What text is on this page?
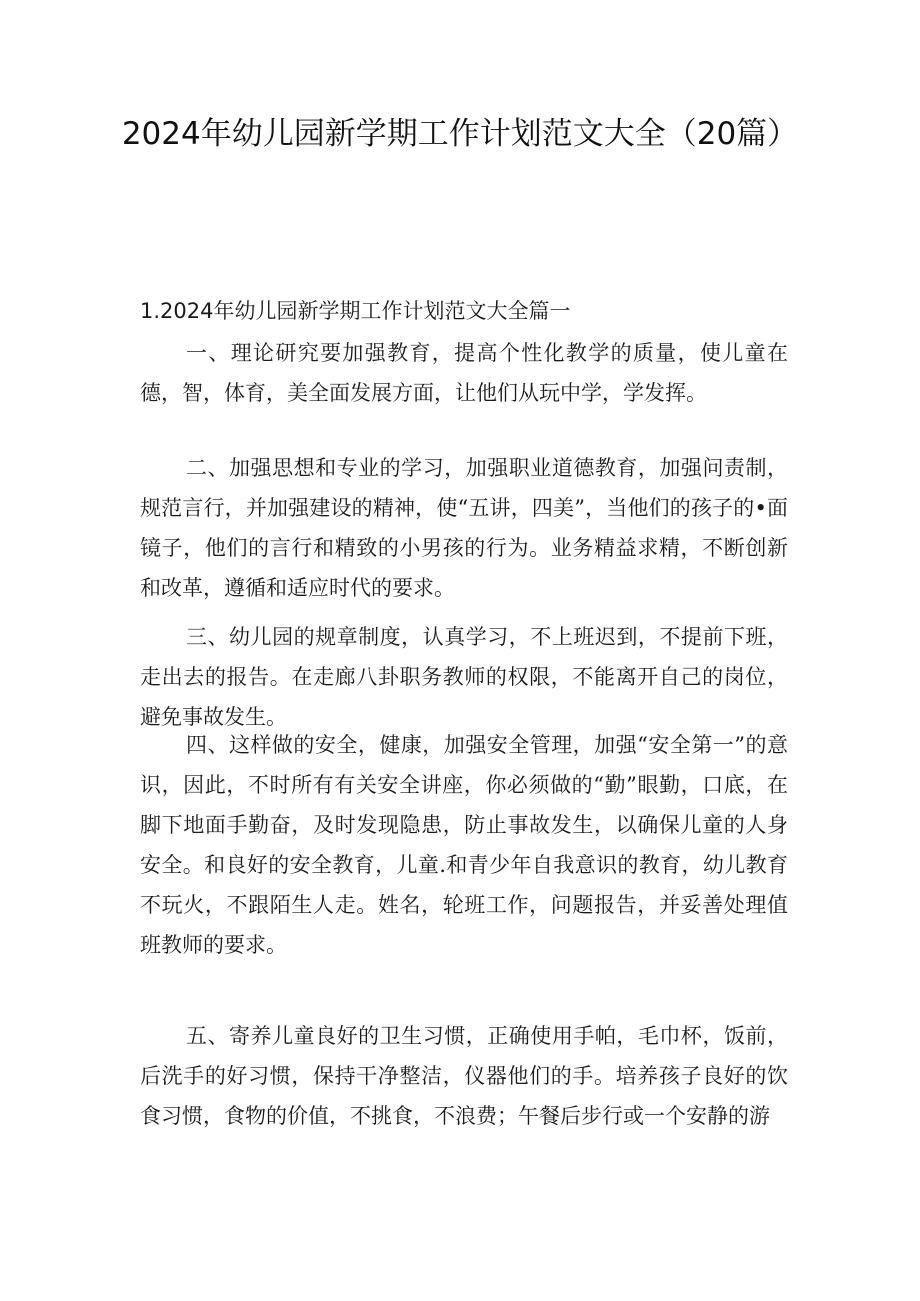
2024年幼儿园新学期工作计划范文大全（20篇）
1.2024年幼儿园新学期工作计划范文大全篇一

一、理论研究要加强教育，提高个性化教学的质量，使儿童在德，智，体育，美全面发展方面，让他们从玩中学，学发挥。

二、加强思想和专业的学习，加强职业道德教育，加强问责制，规范言行，并加强建设的精神，使“五讲，四美”，当他们的孩子的•面镜子，他们的言行和精致的小男孩的行为。业务精益求精，不断创新和改革，遵循和适应时代的要求。

三、幼儿园的规章制度，认真学习，不上班迟到，不提前下班，走出去的报告。在走廊八卦职务教师的权限，不能离开自己的岗位，避免事故发生。

四、这样做的安全，健康，加强安全管理，加强“安全第一”的意识，因此，不时所有有关安全讲座，你必须做的“勤”眼勤，口底，在脚下地面手勤奋，及时发现隐患，防止事故发生，以确保儿童的人身安全。和良好的安全教育，儿童.和青少年自我意识的教育，幼儿教育不玩火，不跟陌生人走。姓名，轮班工作，问题报告，并妥善处理值班教师的要求。

五、寄养儿童良好的卫生习惯，正确使用手帕，毛巾杯，饭前，后洗手的好习惯，保持干净整洁，仪器他们的手。培养孩子良好的饮食习惯，食物的价值，不挑食，不浪费；午餐后步行或一个安静的游
